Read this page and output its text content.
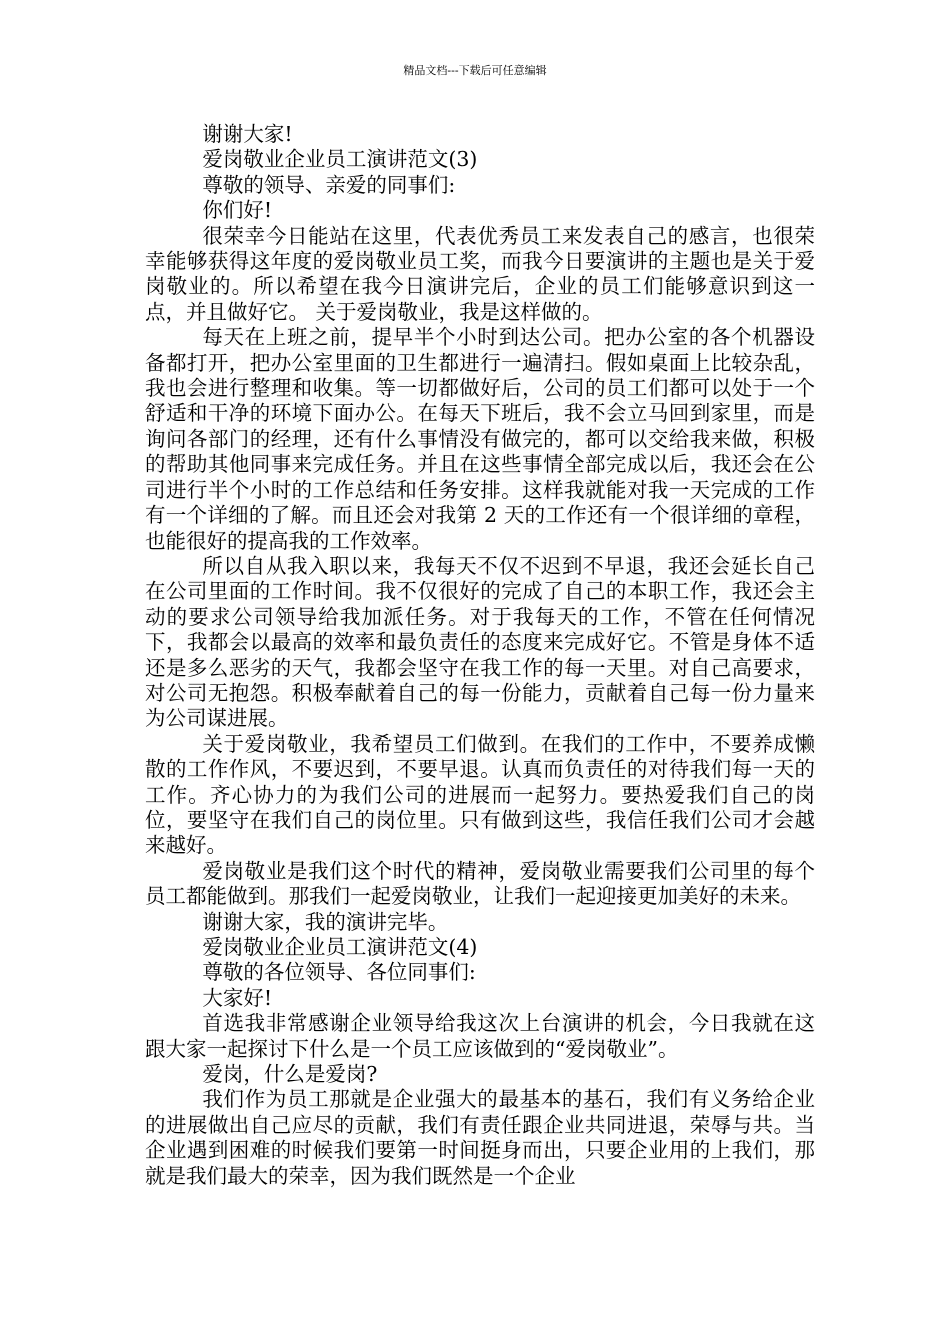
精品文档---下载后可任意编辑

谢谢大家!

爱岗敬业企业员工演讲范文(3)

尊敬的领导、亲爱的同事们:

你们好!

很荣幸今日能站在这里，代表优秀员工来发表自己的感言，也很荣幸能够获得这年度的爱岗敬业员工奖，而我今日要演讲的主题也是关于爱岗敬业的。所以希望在我今日演讲完后，企业的员工们能够意识到这一点，并且做好它。 关于爱岗敬业，我是这样做的。

每天在上班之前，提早半个小时到达公司。把办公室的各个机器设备都打开，把办公室里面的卫生都进行一遍清扫。假如桌面上比较杂乱，我也会进行整理和收集。等一切都做好后，公司的员工们都可以处于一个舒适和干净的环境下面办公。在每天下班后，我不会立马回到家里，而是询问各部门的经理，还有什么事情没有做完的，都可以交给我来做，积极的帮助其他同事来完成任务。并且在这些事情全部完成以后，我还会在公司进行半个小时的工作总结和任务安排。这样我就能对我一天完成的工作有一个详细的了解。而且还会对我第 2 天的工作还有一个很详细的章程，也能很好的提高我的工作效率。

所以自从我入职以来，我每天不仅不迟到不早退，我还会延长自己在公司里面的工作时间。我不仅很好的完成了自己的本职工作，我还会主动的要求公司领导给我加派任务。对于我每天的工作，不管在任何情况下，我都会以最高的效率和最负责任的态度来完成好它。不管是身体不适还是多么恶劣的天气，我都会坚守在我工作的每一天里。对自己高要求，对公司无抱怨。积极奉献着自己的每一份能力，贡献着自己每一份力量来为公司谋进展。

关于爱岗敬业，我希望员工们做到。在我们的工作中，不要养成懒散的工作作风，不要迟到，不要早退。认真而负责任的对待我们每一天的工作。齐心协力的为我们公司的进展而一起努力。要热爱我们自己的岗位，要坚守在我们自己的岗位里。只有做到这些，我信任我们公司才会越来越好。

爱岗敬业是我们这个时代的精神，爱岗敬业需要我们公司里的每个员工都能做到。那我们一起爱岗敬业，让我们一起迎接更加美好的未来。

谢谢大家，我的演讲完毕。

爱岗敬业企业员工演讲范文(4)

尊敬的各位领导、各位同事们:

大家好!

首选我非常感谢企业领导给我这次上台演讲的机会，今日我就在这跟大家一起探讨下什么是一个员工应该做到的“爱岗敬业”。

爱岗，什么是爱岗?

我们作为员工那就是企业强大的最基本的基石，我们有义务给企业的进展做出自己应尽的贡献，我们有责任跟企业共同进退，荣辱与共。当企业遇到困难的时候我们要第一时间挺身而出，只要企业用的上我们，那就是我们最大的荣幸，因为我们既然是一个企业
